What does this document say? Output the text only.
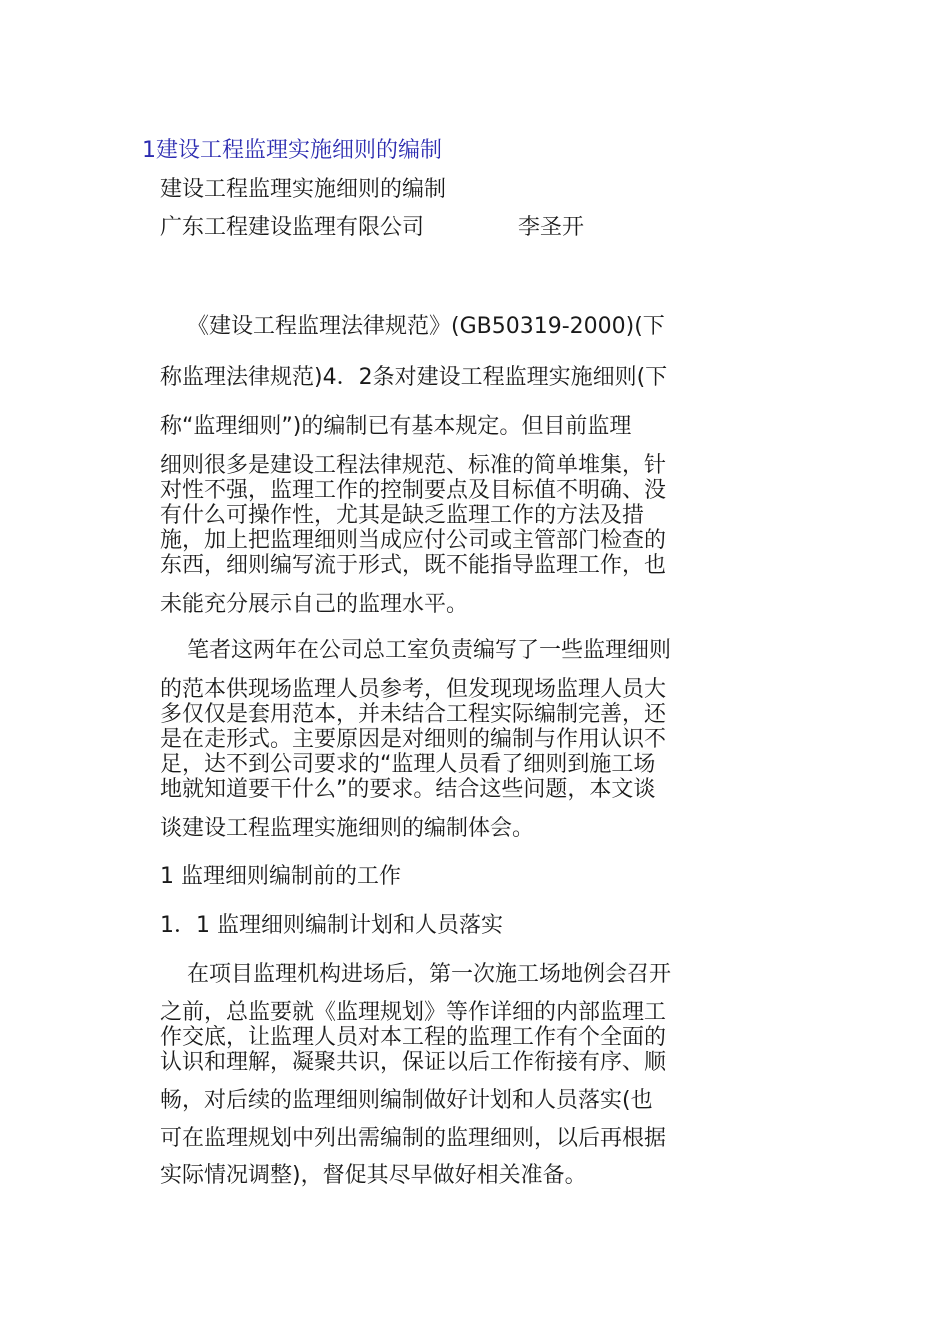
1建设工程监理实施细则的编制

建设工程监理实施细则的编制

广东工程建设监理有限公司	李圣开

《建设工程监理法律规范》(GB50319-2000)(下

称监理法律规范)4．2条对建设工程监理实施细则(下

称“监理细则”)的编制已有基本规定。但目前监理

细则很多是建设工程法律规范、标准的简单堆集，针

对性不强，监理工作的控制要点及目标值不明确、没

有什么可操作性，尤其是缺乏监理工作的方法及措

施，加上把监理细则当成应付公司或主管部门检查的

东西，细则编写流于形式，既不能指导监理工作，也

未能充分展示自己的监理水平。

笔者这两年在公司总工室负责编写了一些监理细则

的范本供现场监理人员参考，但发现现场监理人员大

多仅仅是套用范本，并未结合工程实际编制完善，还

是在走形式。主要原因是对细则的编制与作用认识不

足，达不到公司要求的“监理人员看了细则到施工场

地就知道要干什么”的要求。结合这些问题，本文谈

谈建设工程监理实施细则的编制体会。

1 监理细则编制前的工作

1．1 监理细则编制计划和人员落实

在项目监理机构进场后，第一次施工场地例会召开

之前，总监要就《监理规划》等作详细的内部监理工

作交底，让监理人员对本工程的监理工作有个全面的

认识和理解，凝聚共识，保证以后工作衔接有序、顺

畅，对后续的监理细则编制做好计划和人员落实(也

可在监理规划中列出需编制的监理细则，以后再根据

实际情况调整)，督促其尽早做好相关准备。
